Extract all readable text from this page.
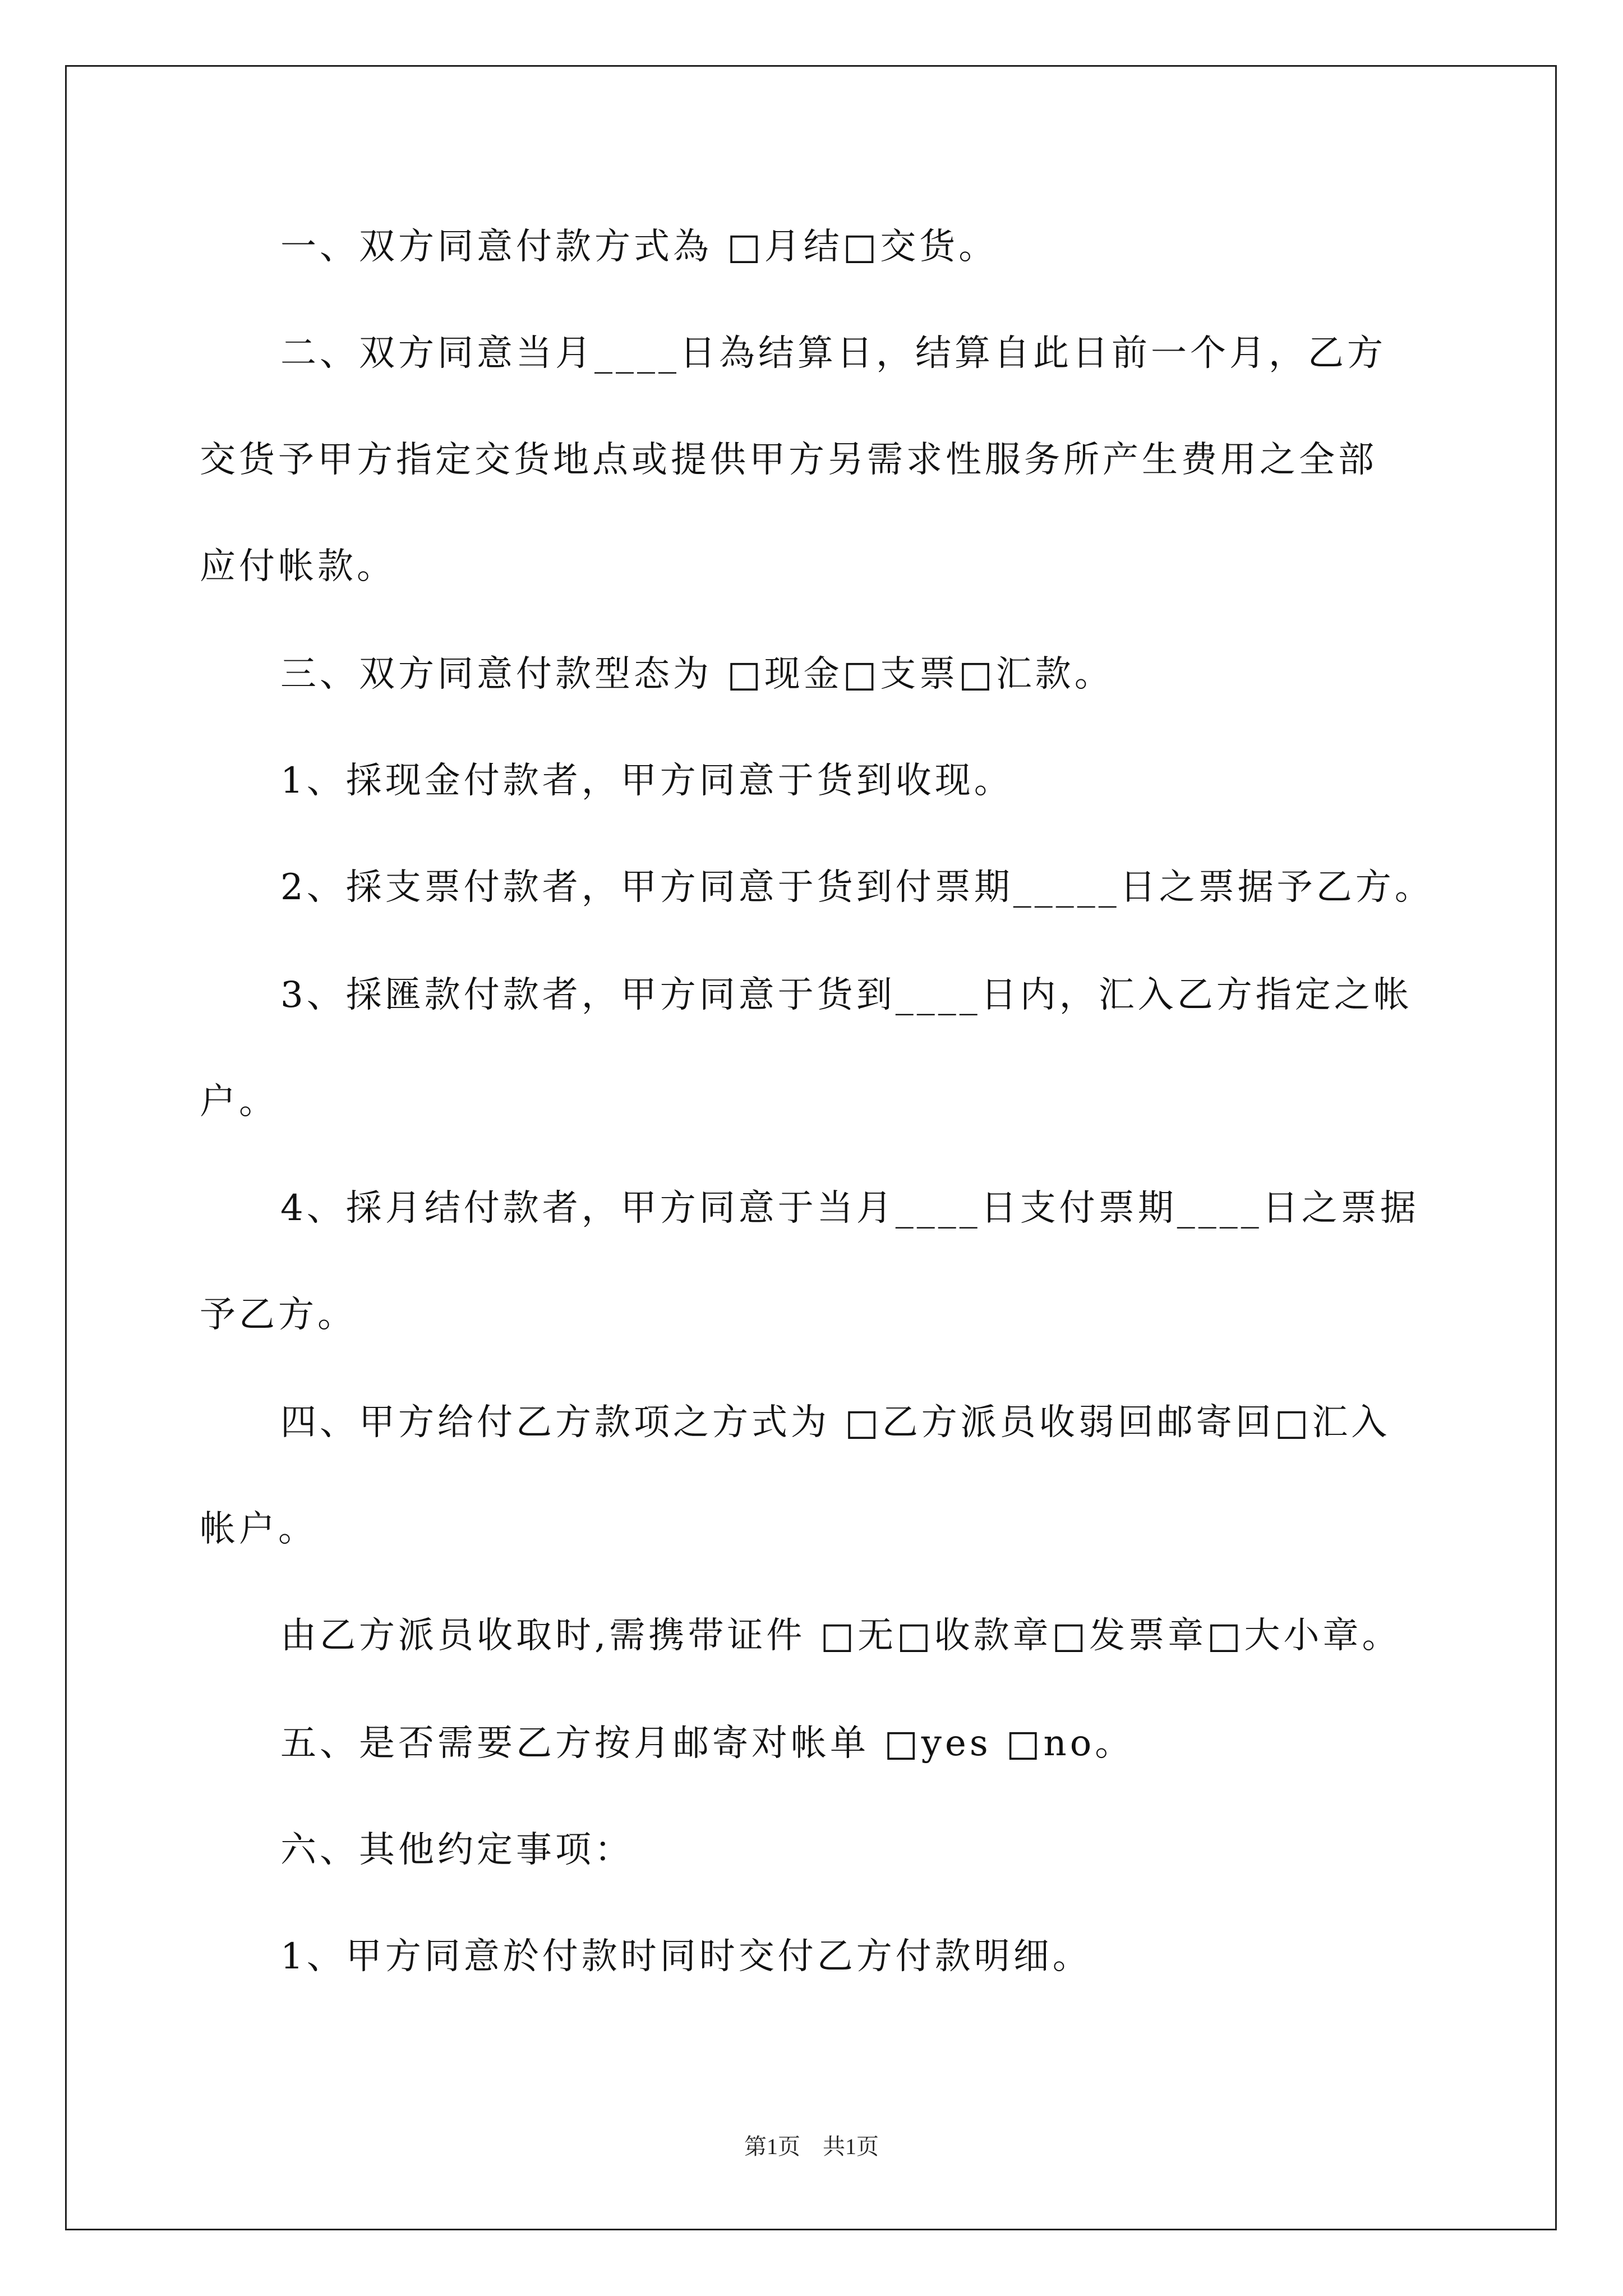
一、双方同意付款方式為 □月结□交货。
二、双方同意当月____日為结算日，结算自此日前一个月，乙方
交货予甲方指定交货地点或提供甲方另需求性服务所产生费用之全部
应付帐款。
三、双方同意付款型态为 □现金□支票□汇款。
1、採现金付款者，甲方同意于货到收现。
2、採支票付款者，甲方同意于货到付票期_____日之票据予乙方。
3、採匯款付款者，甲方同意于货到____日内，汇入乙方指定之帐
户。
4、採月结付款者，甲方同意于当月____日支付票期____日之票据
予乙方。
四、甲方给付乙方款项之方式为 □乙方派员收弱回邮寄回□汇入
帐户。
由乙方派员收取时,需携带证件 □无□收款章□发票章□大小章。
五、是否需要乙方按月邮寄对帐单 □yes □no。
六、其他约定事项：
1、甲方同意於付款时同时交付乙方付款明细。
第1页　共1页
